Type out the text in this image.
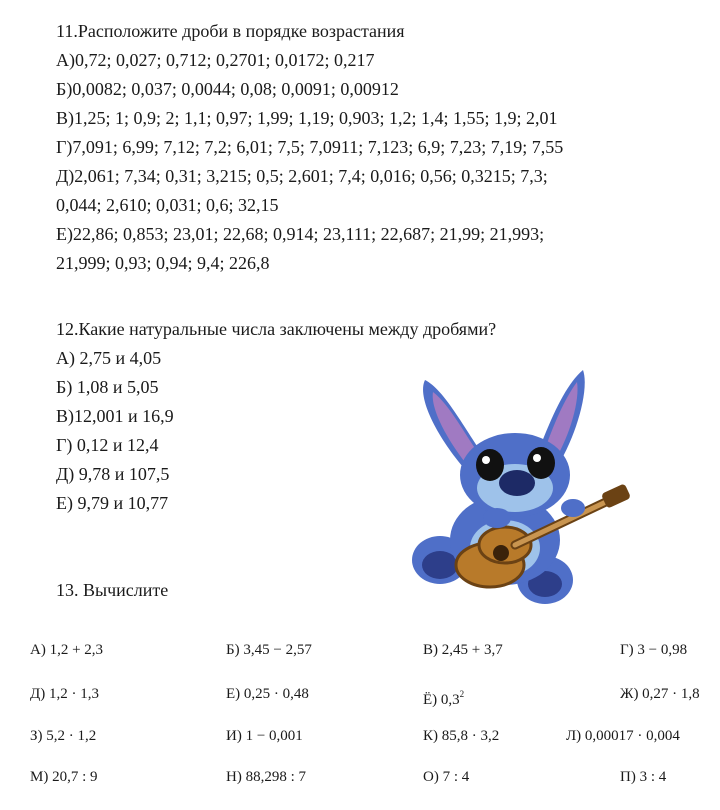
11.Расположите дроби в порядке возрастания
А)0,72; 0,027; 0,712; 0,2701; 0,0172; 0,217
Б)0,0082; 0,037; 0,0044; 0,08; 0,0091; 0,00912
В)1,25; 1; 0,9; 2; 1,1; 0,97; 1,99; 1,19; 0,903; 1,2; 1,4; 1,55; 1,9; 2,01
Г)7,091; 6,99; 7,12; 7,2; 6,01; 7,5; 7,0911; 7,123; 6,9; 7,23; 7,19; 7,55
Д)2,061; 7,34; 0,31; 3,215; 0,5; 2,601; 7,4; 0,016; 0,56; 0,3215; 7,3;
0,044; 2,610; 0,031; 0,6; 32,15
Е)22,86; 0,853; 23,01; 22,68; 0,914; 23,111; 22,687; 21,99; 21,993;
21,999; 0,93; 0,94; 9,4; 226,8
12.Какие натуральные числа заключены между дробями?
А) 2,75 и 4,05
Б) 1,08 и 5,05
В)12,001 и 16,9
Г) 0,12 и 12,4
Д) 9,78 и 107,5
Е) 9,79 и 10,77
13. Вычислите
А) 1,2 + 2,3	Б) 3,45 − 2,57	В) 2,45 + 3,7	Г) 3 − 0,98
Д) 1,2 · 1,3	Е) 0,25 · 0,48	Ё) $0,3^2$	Ж) 0,27 · 1,8
З) 5,2 · 1,2	И) 1 − 0,001	К) 85,8 · 3,2	Л) 0,00017 · 0,004
М) 20,7 : 9	Н) 88,298 : 7	О) 7 : 4	П) 3 : 4
